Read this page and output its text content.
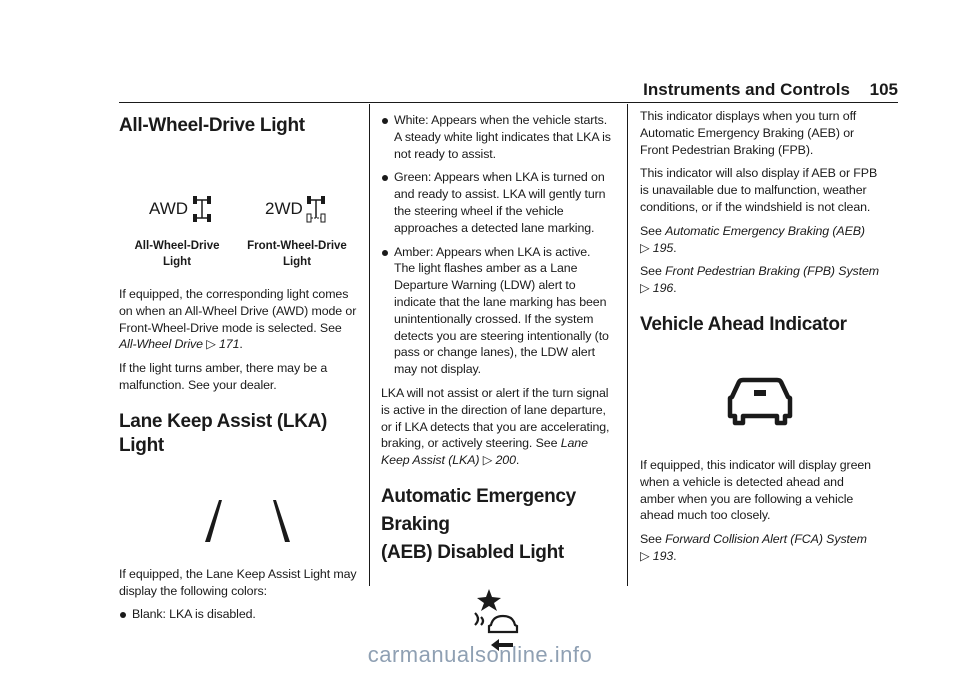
Instruments and Controls 105
All-Wheel-Drive Light
AWD	2WD
All-Wheel-Drive Light
Front-Wheel-Drive
Light

If equipped, the corresponding light comes on when an All-Wheel Drive (AWD) mode or Front-Wheel-Drive mode is selected. See All-Wheel Drive ▷ 171.

If the light turns amber, there may be a malfunction. See your dealer.

Lane Keep Assist (LKA) Light

If equipped, the Lane Keep Assist Light may display the following colors:

Blank: LKA is disabled.

White: Appears when the vehicle starts. A steady white light indicates that LKA is not ready to assist.

Green: Appears when LKA is turned on and ready to assist. LKA will gently turn the steering wheel if the vehicle approaches a detected lane marking.

Amber: Appears when LKA is active. The light flashes amber as a Lane Departure Warning (LDW) alert to indicate that the lane marking has been unintentionally crossed. If the system detects you are steering intentionally (to pass or change lanes), the LDW alert may not display.

LKA will not assist or alert if the turn signal is active in the direction of lane departure, or if LKA detects that you are accelerating, braking, or actively steering. See Lane Keep Assist (LKA) ▷ 200.

Automatic Emergency Braking
(AEB) Disabled Light

This indicator displays when you turn off Automatic Emergency Braking (AEB) or Front Pedestrian Braking (FPB).

This indicator will also display if AEB or FPB is unavailable due to malfunction, weather conditions, or if the windshield is not clean.

See Automatic Emergency Braking (AEB)
▷ 195.

See Front Pedestrian Braking (FPB) System
▷ 196.

Vehicle Ahead Indicator

If equipped, this indicator will display green when a vehicle is detected ahead and amber when you are following a vehicle ahead much too closely.

See Forward Collision Alert (FCA) System
▷ 193.

carmanualsonline.info
